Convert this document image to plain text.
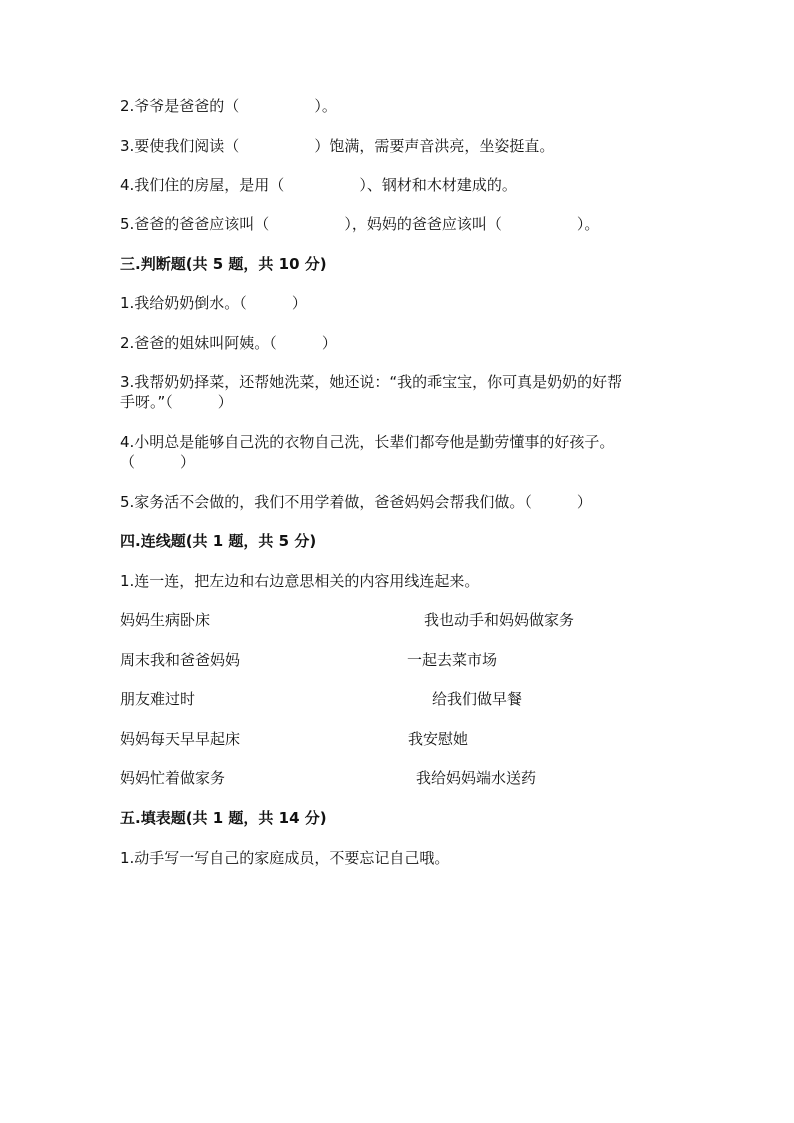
2.爷爷是爸爸的（　　　　　）。
3.要使我们阅读（　　　　　）饱满，需要声音洪亮，坐姿挺直。
4.我们住的房屋，是用（　　　　　）、钢材和木材建成的。
5.爸爸的爸爸应该叫（　　　　　），妈妈的爸爸应该叫（　　　　　）。
三.判断题(共 5 题，共 10 分)
1.我给奶奶倒水。（　　　）
2.爸爸的姐妹叫阿姨。（　　　）
3.我帮奶奶择菜，还帮她洗菜，她还说：“我的乖宝宝，你可真是奶奶的好帮
手呀。”（　　　）
4.小明总是能够自己洗的衣物自己洗，长辈们都夸他是勤劳懂事的好孩子。
（　　　）
5.家务活不会做的，我们不用学着做，爸爸妈妈会帮我们做。（　　　）
四.连线题(共 1 题，共 5 分)
1.连一连，把左边和右边意思相关的内容用线连起来。
妈妈生病卧床	我也动手和妈妈做家务
周末我和爸爸妈妈	一起去菜市场
朋友难过时	给我们做早餐
妈妈每天早早起床	我安慰她
妈妈忙着做家务	我给妈妈端水送药
五.填表题(共 1 题，共 14 分)
1.动手写一写自己的家庭成员，不要忘记自己哦。
